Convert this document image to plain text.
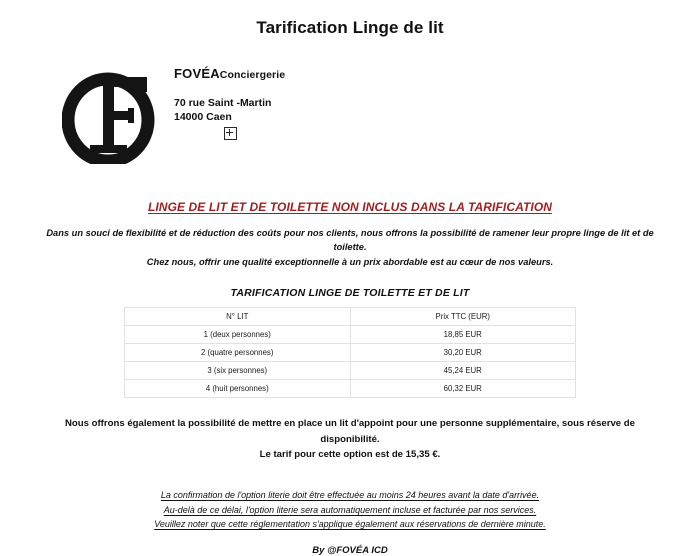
Tarification Linge de lit
FOVÉAConciergerie
70 rue Saint -Martin
14000 Caen
LINGE DE LIT ET DE TOILETTE NON INCLUS DANS LA TARIFICATION
Dans un souci de flexibilité et de réduction des coûts pour nos clients, nous offrons la possibilité de ramener leur propre linge de lit et de toilette.
Chez nous, offrir une qualité exceptionnelle à un prix abordable est au cœur de nos valeurs.
TARIFICATION LINGE DE TOILETTE ET DE LIT
N° LIT	Prix TTC (EUR)
1 (deux personnes)	18,85 EUR
2 (quatre personnes)	30,20 EUR
3 (six personnes)	45,24 EUR
4 (huit personnes)	60,32 EUR
Nous offrons également la possibilité de mettre en place un lit d'appoint pour une personne supplémentaire, sous réserve de disponibilité.
Le tarif pour cette option est de 15,35 €.
La confirmation de l'option literie doit être effectuée au moins 24 heures avant la date d'arrivée.
Au-delà de ce délai, l'option literie sera automatiquement incluse et facturée par nos services.
Veuillez noter que cette réglementation s'applique également aux réservations de dernière minute.
By @FOVÉA ICD
